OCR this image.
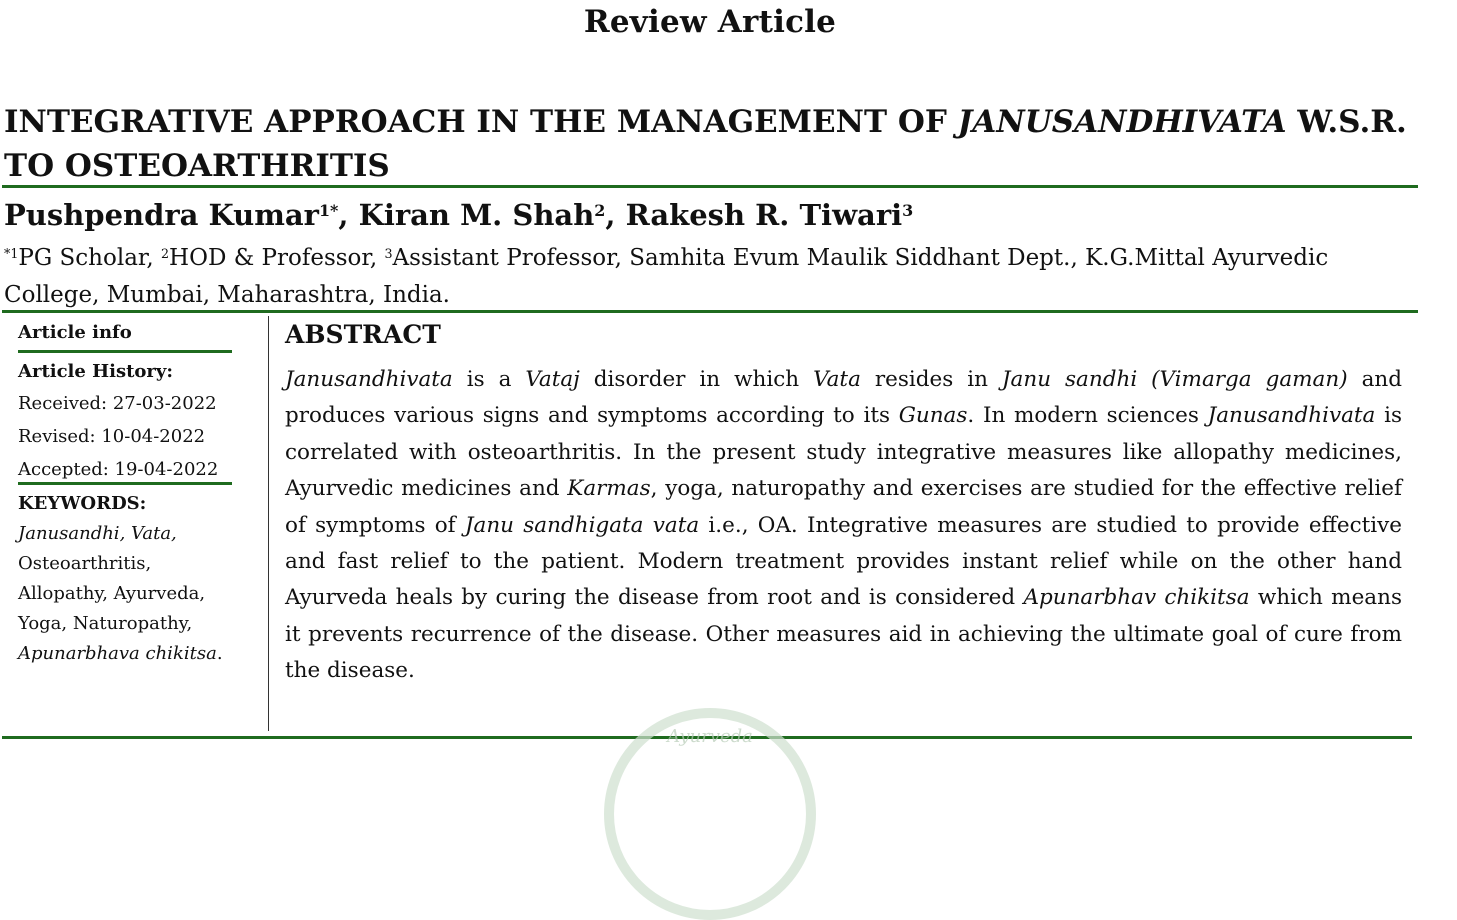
Review Article
INTEGRATIVE APPROACH IN THE MANAGEMENT OF JANUSANDHIVATA W.S.R. TO OSTEOARTHRITIS
Pushpendra Kumar$^{1*}$, Kiran M. Shah$^2$, Rakesh R. Tiwari$^3$
$^{*1}$PG Scholar, $^2$HOD & Professor, $^3$Assistant Professor, Samhita Evum Maulik Siddhant Dept., K.G.Mittal Ayurvedic College, Mumbai, Maharashtra, India.
Article info
Article History:
Received: 27-03-2022
Revised: 10-04-2022
Accepted: 19-04-2022
KEYWORDS:
Janusandhi, Vata,
Osteoarthritis,
Allopathy, Ayurveda,
Yoga, Naturopathy,
Apunarbhava chikitsa.
ABSTRACT
Janusandhivata is a Vataj disorder in which Vata resides in Janu sandhi (Vimarga gaman) and produces various signs and symptoms according to its Gunas. In modern sciences Janusandhivata is correlated with osteoarthritis. In the present study integrative measures like allopathy medicines, Ayurvedic medicines and Karmas, yoga, naturopathy and exercises are studied for the effective relief of symptoms of Janu sandhigata vata i.e., OA. Integrative measures are studied to provide effective and fast relief to the patient. Modern treatment provides instant relief while on the other hand Ayurveda heals by curing the disease from root and is considered Apunarbhav chikitsa which means it prevents recurrence of the disease. Other measures aid in achieving the ultimate goal of cure from the disease.
Ayurveda
